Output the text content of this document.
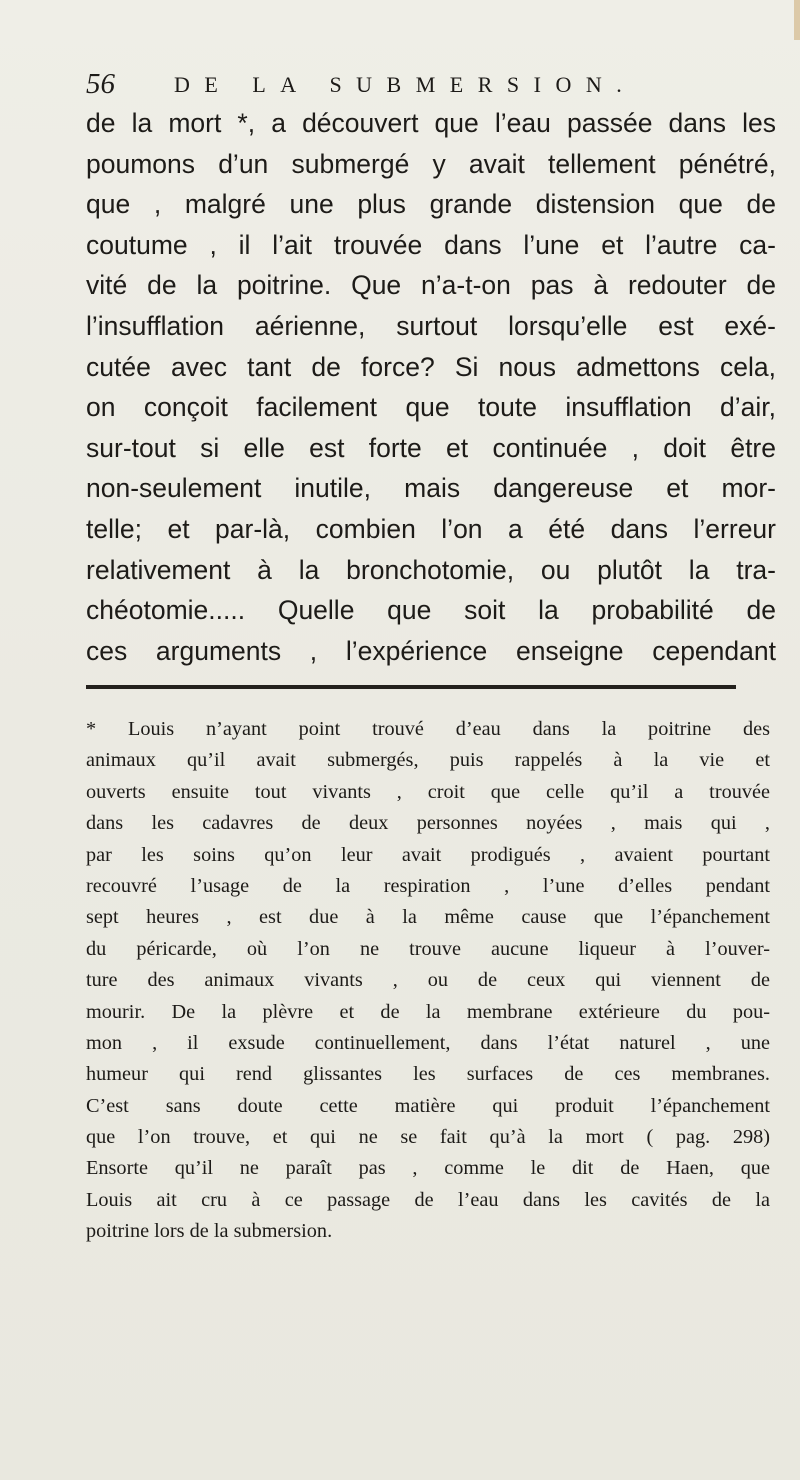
56	DE LA SUBMERSION.
de la mort *, a découvert que l’eau passée dans les
poumons d’un submergé y avait tellement pénétré,
que , malgré une plus grande distension que de
coutume , il l’ait trouvée dans l’une et l’autre ca-
vité de la poitrine. Que n’a-t-on pas à redouter de
l’insufflation aérienne, surtout lorsqu’elle est exé-
cutée avec tant de force? Si nous admettons cela,
on conçoit facilement que toute insufflation d’air,
sur-tout si elle est forte et continuée , doit être
non-seulement inutile, mais dangereuse et mor-
telle; et par-là, combien l’on a été dans l’erreur
relativement à la bronchotomie, ou plutôt la tra-
chéotomie..... Quelle que soit la probabilité de
ces arguments , l’expérience enseigne cependant
* Louis n’ayant point trouvé d’eau dans la poitrine des
animaux qu’il avait submergés, puis rappelés à la vie et
ouverts ensuite tout vivants , croit que celle qu’il a trouvée
dans les cadavres de deux personnes noyées , mais qui ,
par les soins qu’on leur avait prodigués , avaient pourtant
recouvré l’usage de la respiration , l’une d’elles pendant
sept heures , est due à la même cause que l’épanchement
du péricarde, où l’on ne trouve aucune liqueur à l’ouver-
ture des animaux vivants , ou de ceux qui viennent de
mourir. De la plèvre et de la membrane extérieure du pou-
mon , il exsude continuellement, dans l’état naturel , une
humeur qui rend glissantes les surfaces de ces membranes.
C’est sans doute cette matière qui produit l’épanchement
que l’on trouve, et qui ne se fait qu’à la mort ( pag. 298)
Ensorte qu’il ne paraît pas , comme le dit de Haen, que
Louis ait cru à ce passage de l’eau dans les cavités de la
poitrine lors de la submersion.
